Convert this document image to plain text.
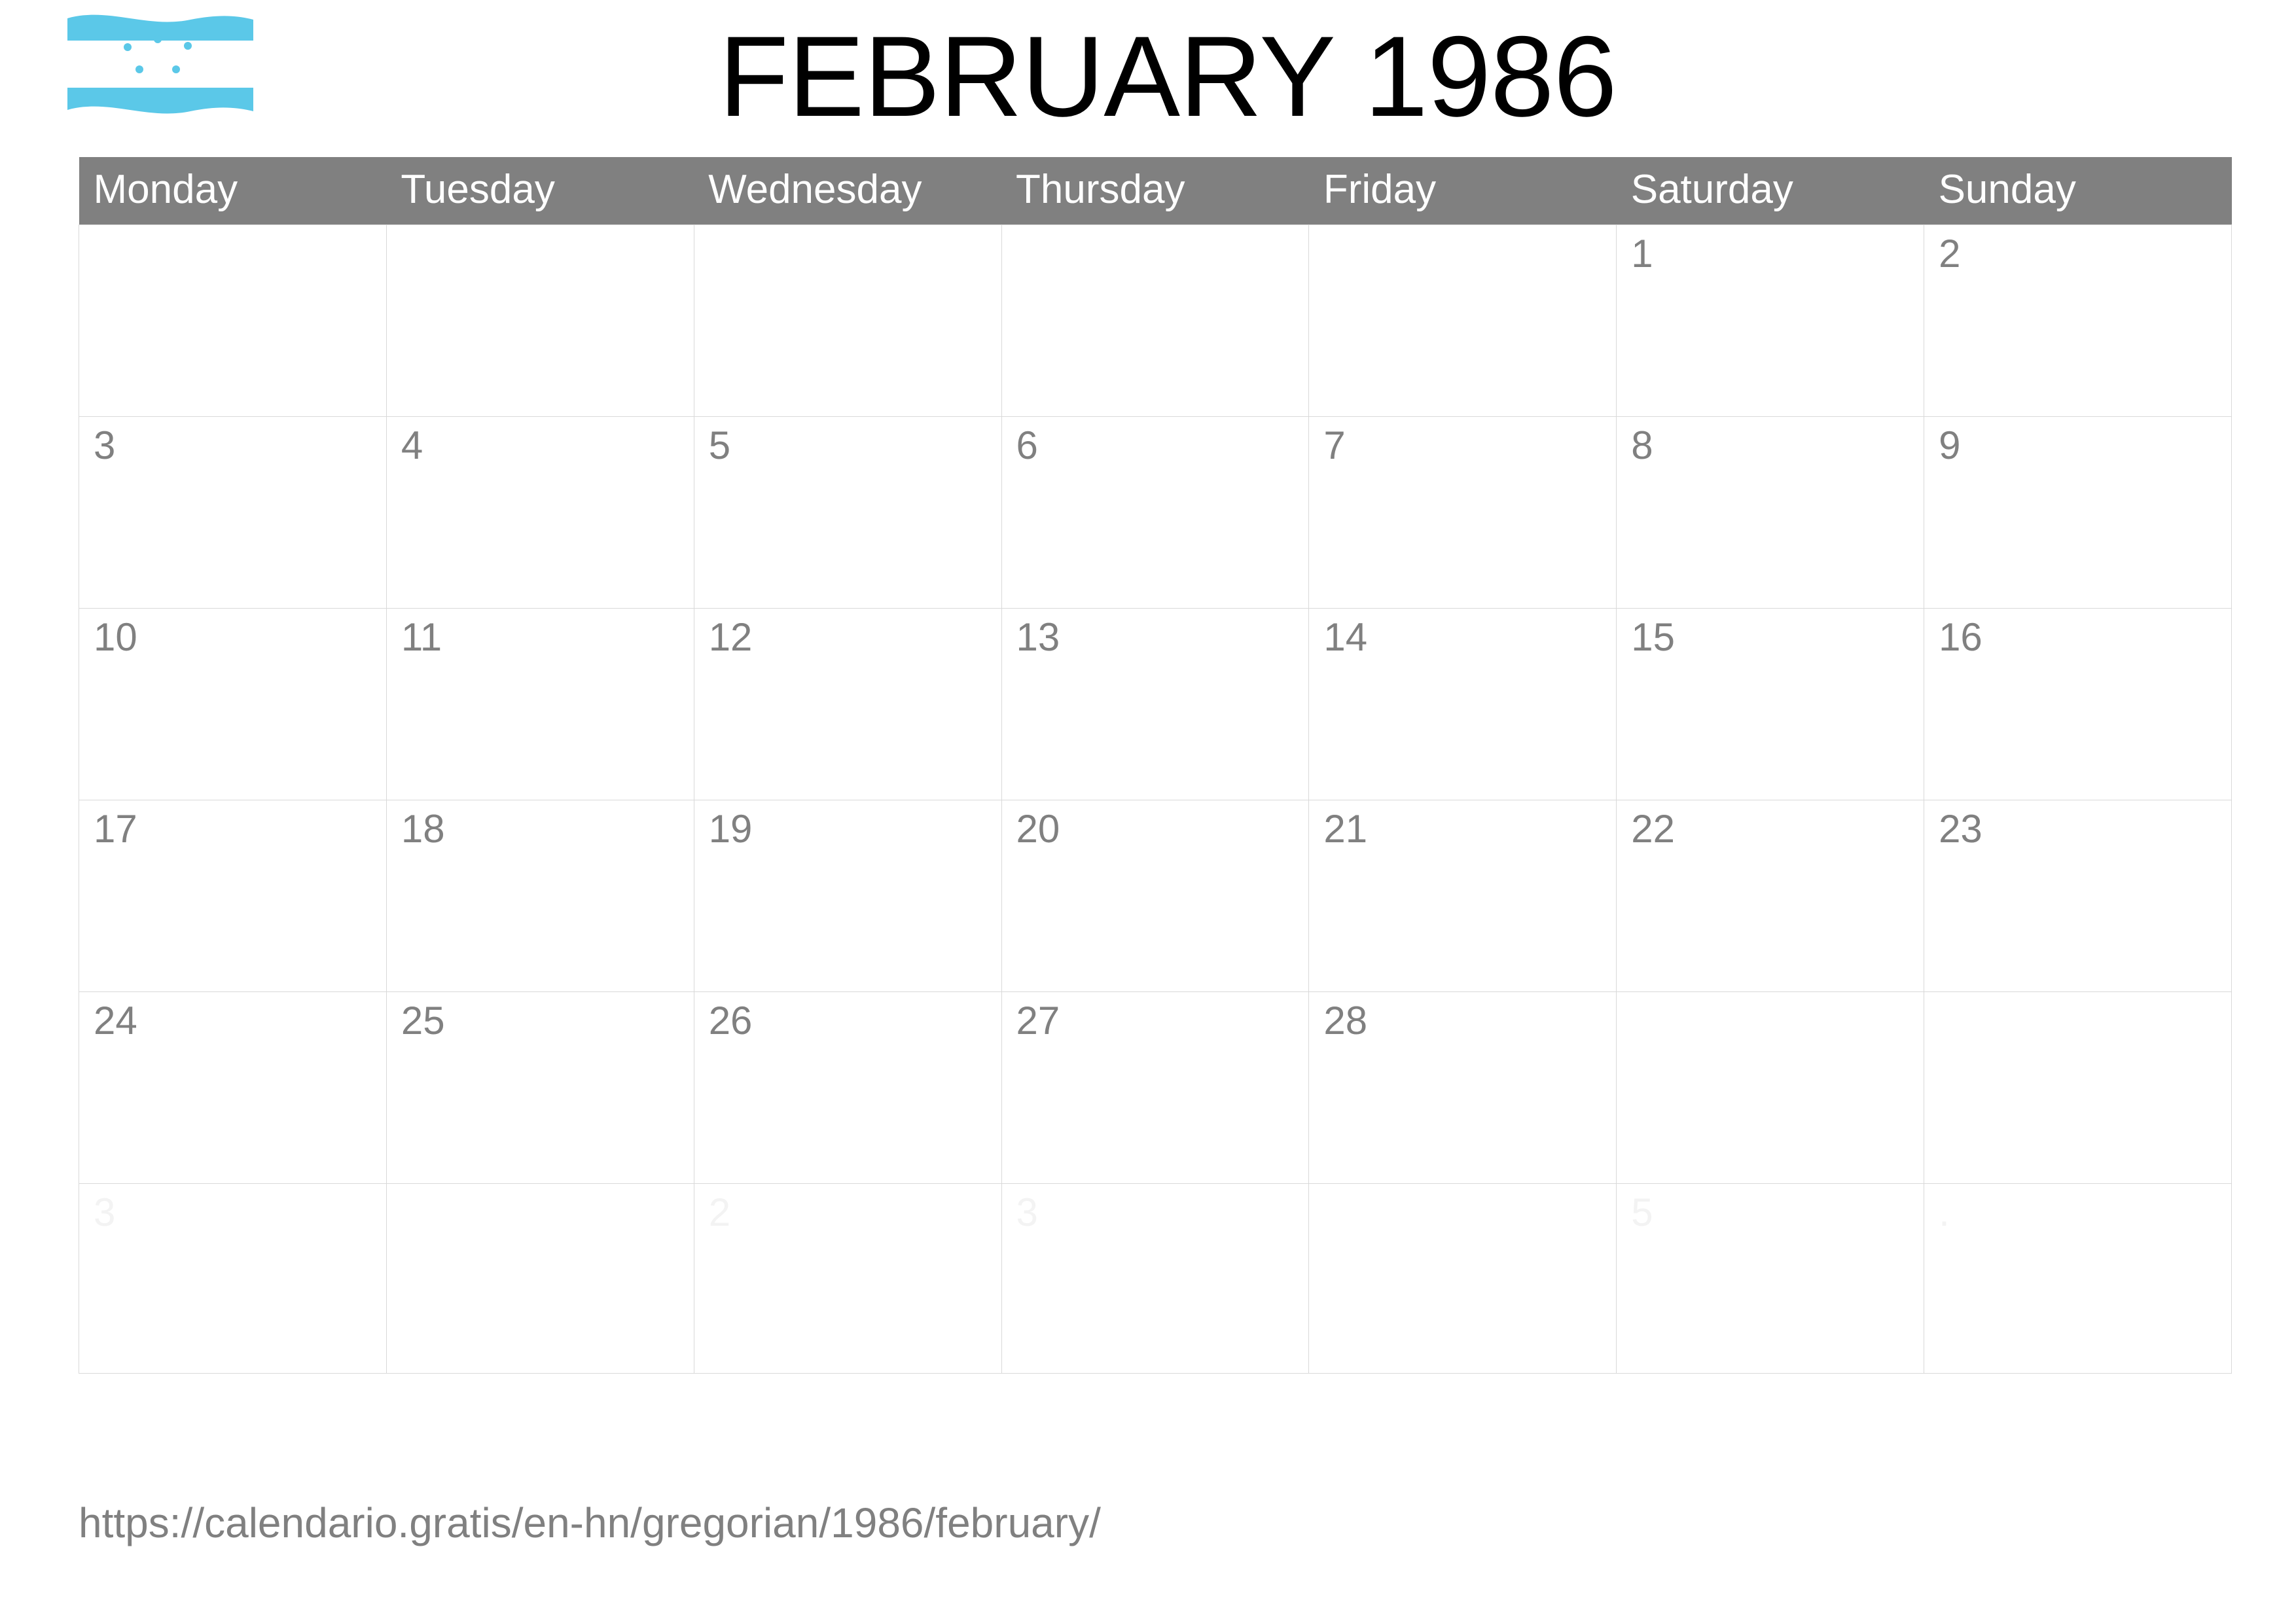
FEBRUARY 1986
Monday	Tuesday	Wednesday	Thursday	Friday	Saturday	Sunday
					1	2
3	4	5	6	7	8	9
10	11	12	13	14	15	16
17	18	19	20	21	22	23
24	25	26	27	28		
3		2	3		5	.
https://calendario.gratis/en-hn/gregorian/1986/february/
